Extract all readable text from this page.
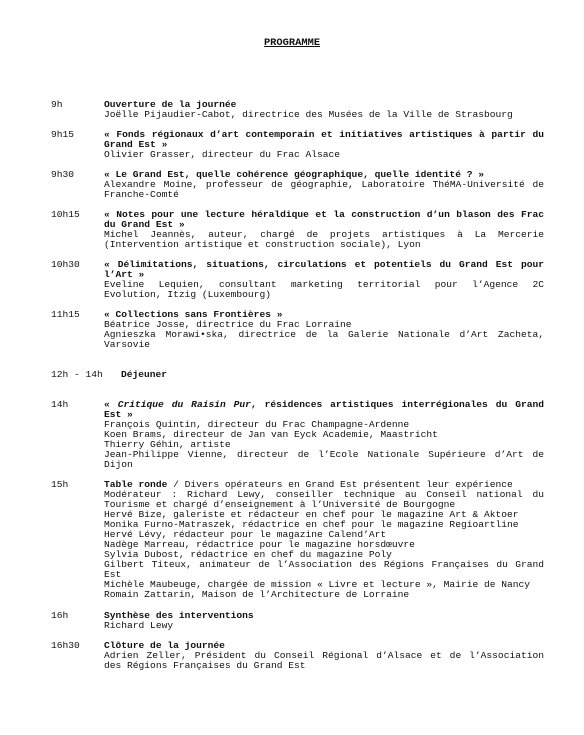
PROGRAMME
9h	Ouverture de la journée
Joëlle Pijaudier-Cabot, directrice des Musées de la Ville de Strasbourg
9h15	« Fonds régionaux d’art contemporain et initiatives artistiques à partir du Grand Est »
Olivier Grasser, directeur du Frac Alsace
9h30	« Le Grand Est, quelle cohérence géographique, quelle identité ? »
Alexandre Moine, professeur de géographie, Laboratoire ThéMA-Université de Franche-Comté
10h15	« Notes pour une lecture héraldique et la construction d’un blason des Frac du Grand Est »
Michel Jeannès, auteur, chargé de projets artistiques à La Mercerie (Intervention artistique et construction sociale), Lyon
10h30	« Délimitations, situations, circulations et potentiels du Grand Est pour l’Art »
Eveline Lequien, consultant marketing territorial pour l’Agence 2C Evolution, Itzig (Luxembourg)
11h15	« Collections sans Frontières »
Béatrice Josse, directrice du Frac Lorraine
Agnieszka Morawi•ska, directrice de la Galerie Nationale d’Art Zacheta, Varsovie
12h - 14h	Déjeuner
14h	« Critique du Raisin Pur, résidences artistiques interrégionales du Grand Est »
François Quintin, directeur du Frac Champagne-Ardenne
Koen Brams, directeur de Jan van Eyck Academie, Maastricht
Thierry Géhin, artiste
Jean-Philippe Vienne, directeur de l’Ecole Nationale Supérieure d’Art de Dijon
15h	Table ronde / Divers opérateurs en Grand Est présentent leur expérience
Modérateur : Richard Lewy, conseiller technique au Conseil national du Tourisme et chargé d’enseignement à l’Université de Bourgogne
Hervé Bize, galeriste et rédacteur en chef pour le magazine Art & Aktoer
Monika Furno-Matraszek, rédactrice en chef pour le magazine Regioartline
Hervé Lévy, rédacteur pour le magazine Calend’Art
Nadège Marreau, rédactrice pour le magazine horsdœuvre
Sylvia Dubost, rédactrice en chef du magazine Poly
Gilbert Titeux, animateur de l’Association des Régions Françaises du Grand Est
Michèle Maubeuge, chargée de mission « Livre et lecture », Mairie de Nancy
Romain Zattarin, Maison de l’Architecture de Lorraine
16h	Synthèse des interventions
Richard Lewy
16h30	Clôture de la journée
Adrien Zeller, Président du Conseil Régional d’Alsace et de l’Association des Régions Françaises du Grand Est
